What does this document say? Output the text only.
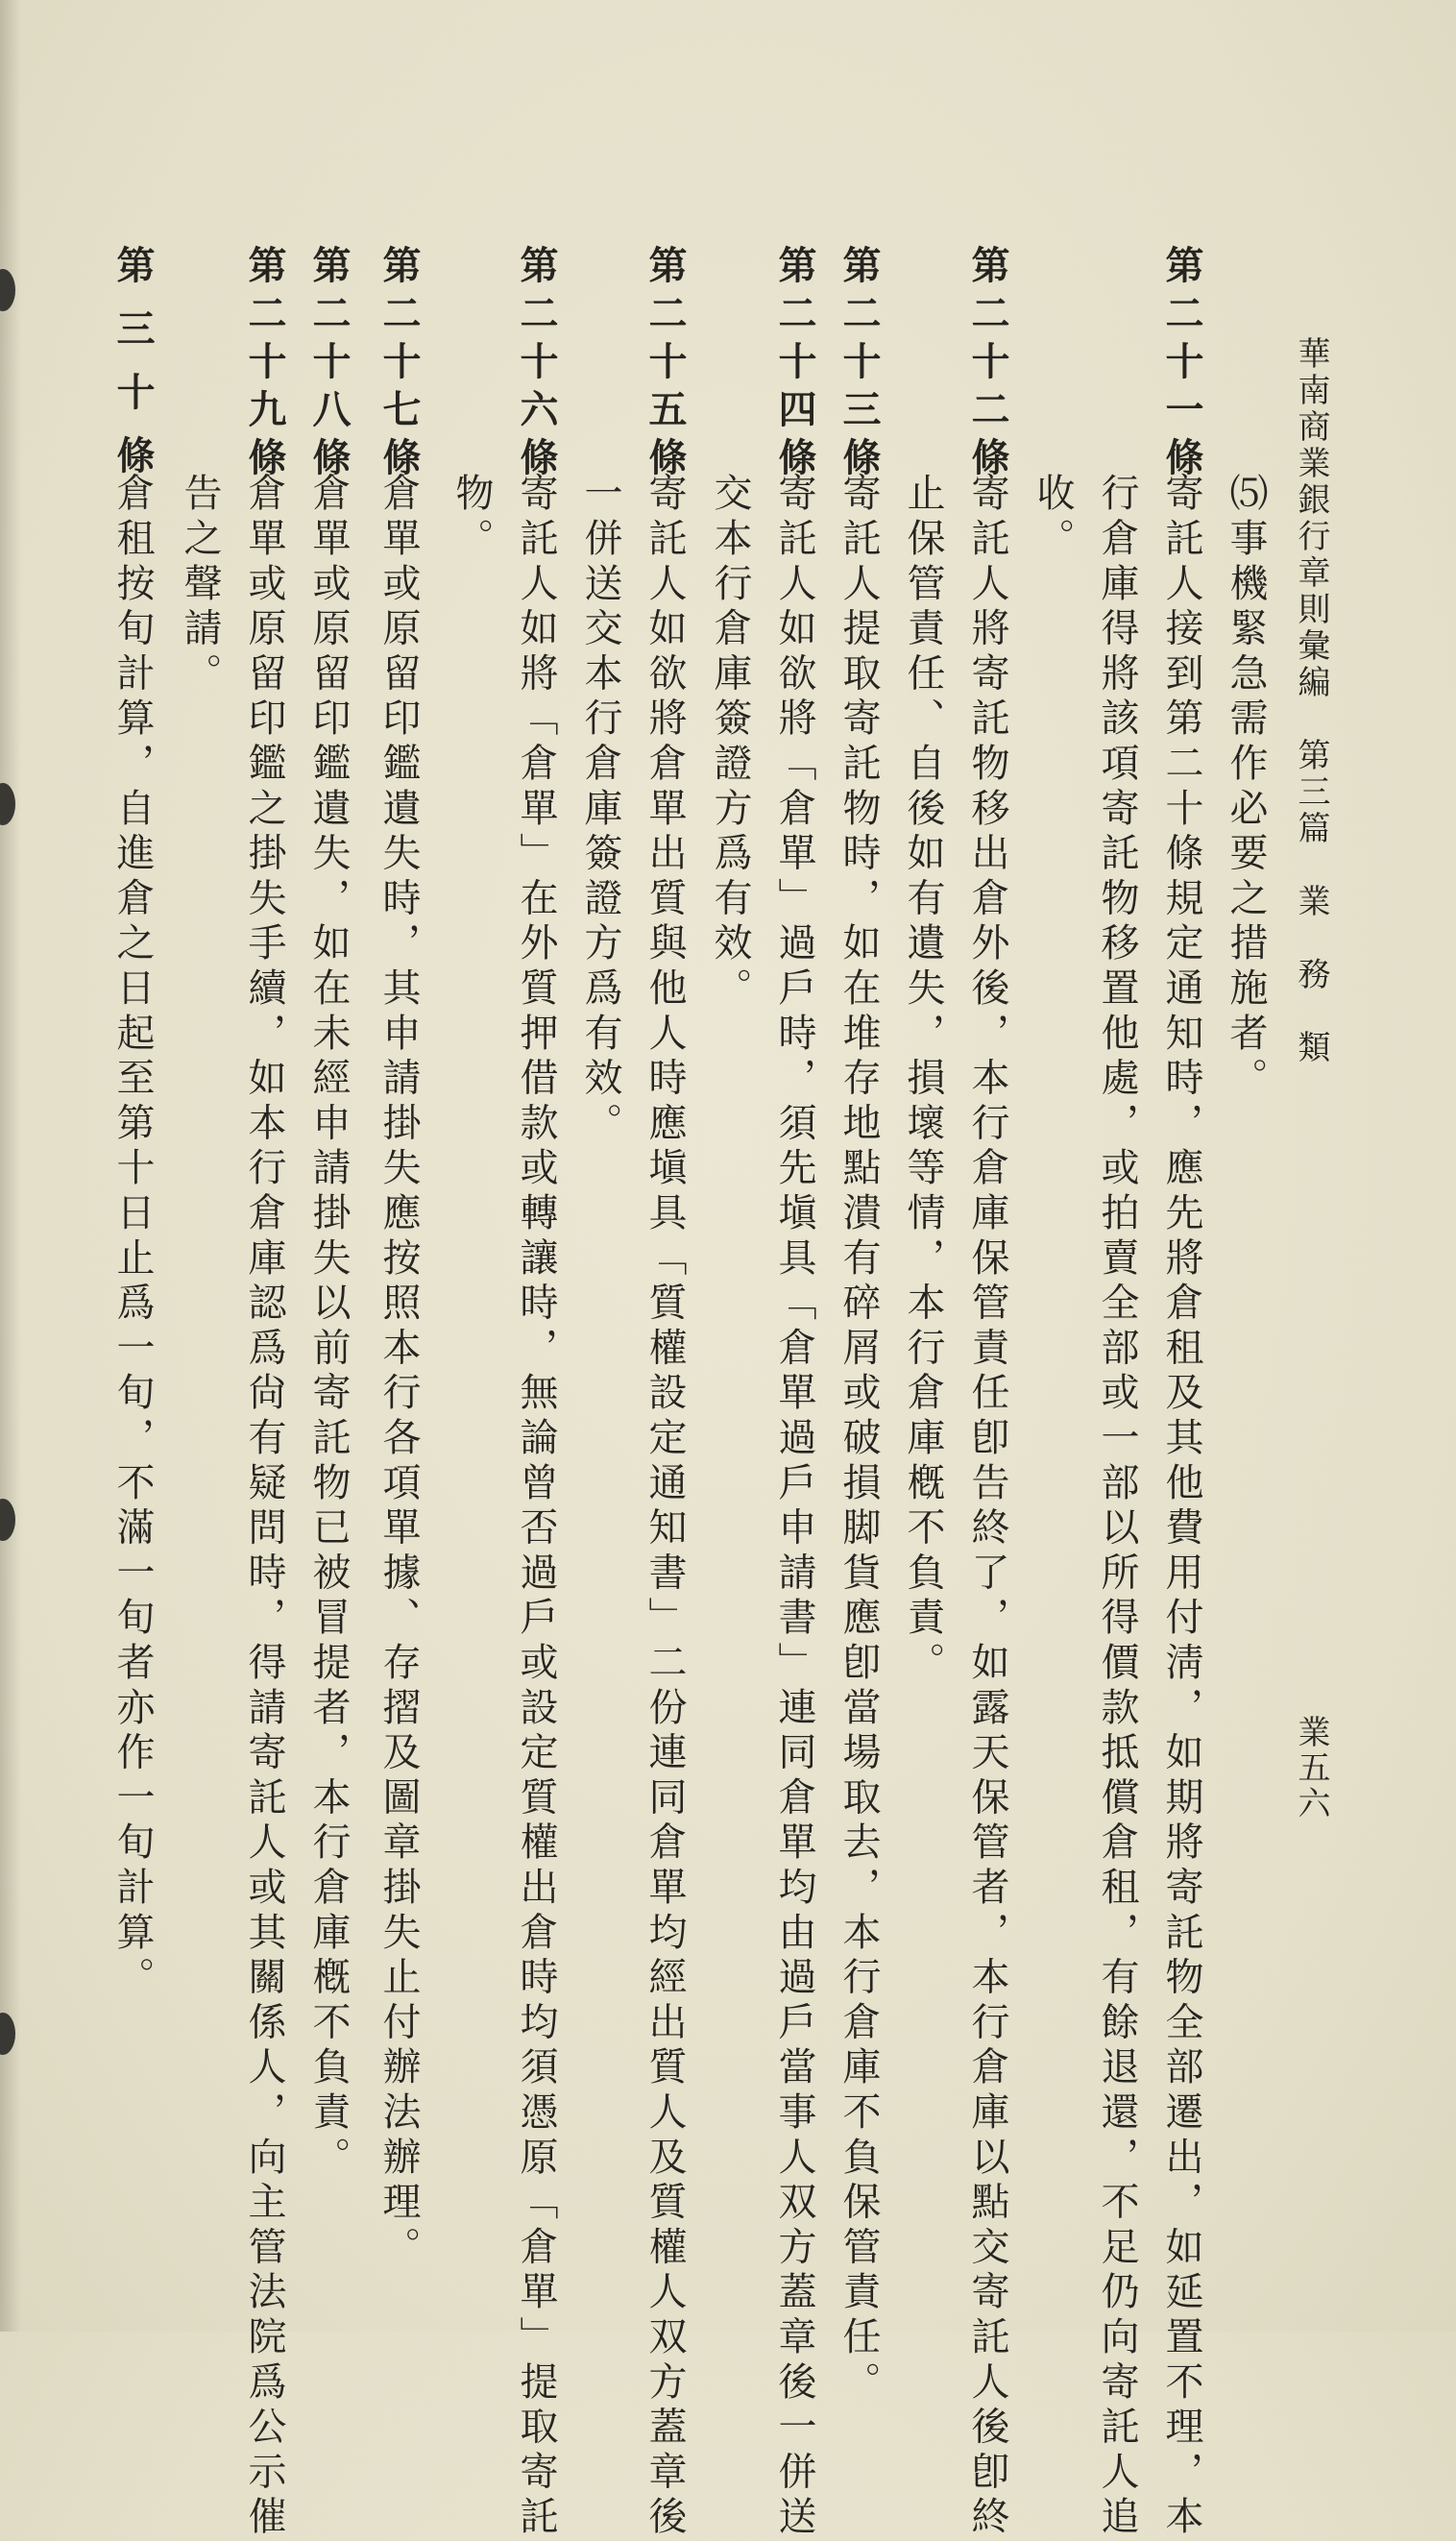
華南商業銀行章則彙編　第三篇　業　務　類
業五六
⑸事機緊急需作必要之措施者。
第二十一條
寄託人接到第二十條規定通知時，應先將倉租及其他費用付淸，如期將寄託物全部遷出，如延置不理，本
行倉庫得將該項寄託物移置他處，或拍賣全部或一部以所得價款抵償倉租，有餘退還，不足仍向寄託人追
收。
第二十二條
寄託人將寄託物移出倉外後，本行倉庫保管責任卽告終了，如露天保管者，本行倉庫以點交寄託人後卽終
止保管責任、自後如有遺失，損壞等情，本行倉庫槪不負責。
第二十三條
寄託人提取寄託物時，如在堆存地點潰有碎屑或破損脚貨應卽當場取去，本行倉庫不負保管責任。
第二十四條
寄託人如欲將「倉單」過戶時，須先塡具「倉單過戶申請書」連同倉單均由過戶當事人双方蓋章後一併送
交本行倉庫簽證方爲有效。
第二十五條
寄託人如欲將倉單出質與他人時應塡具「質權設定通知書」二份連同倉單均經出質人及質權人双方蓋章後
一併送交本行倉庫簽證方爲有效。
第二十六條
寄託人如將「倉單」在外質押借款或轉讓時，無論曾否過戶或設定質權出倉時均須憑原「倉單」提取寄託
物。
第二十七條
倉單或原留印鑑遺失時，其申請掛失應按照本行各項單據、存摺及圖章掛失止付辦法辦理。
第二十八條
倉單或原留印鑑遺失，如在未經申請掛失以前寄託物已被冒提者，本行倉庫槪不負責。
第二十九條
倉單或原留印鑑之掛失手續，如本行倉庫認爲尙有疑問時，得請寄託人或其關係人，向主管法院爲公示催
告之聲請。
第三十條
倉租按旬計算，自進倉之日起至第十日止爲一旬，不滿一旬者亦作一旬計算。
